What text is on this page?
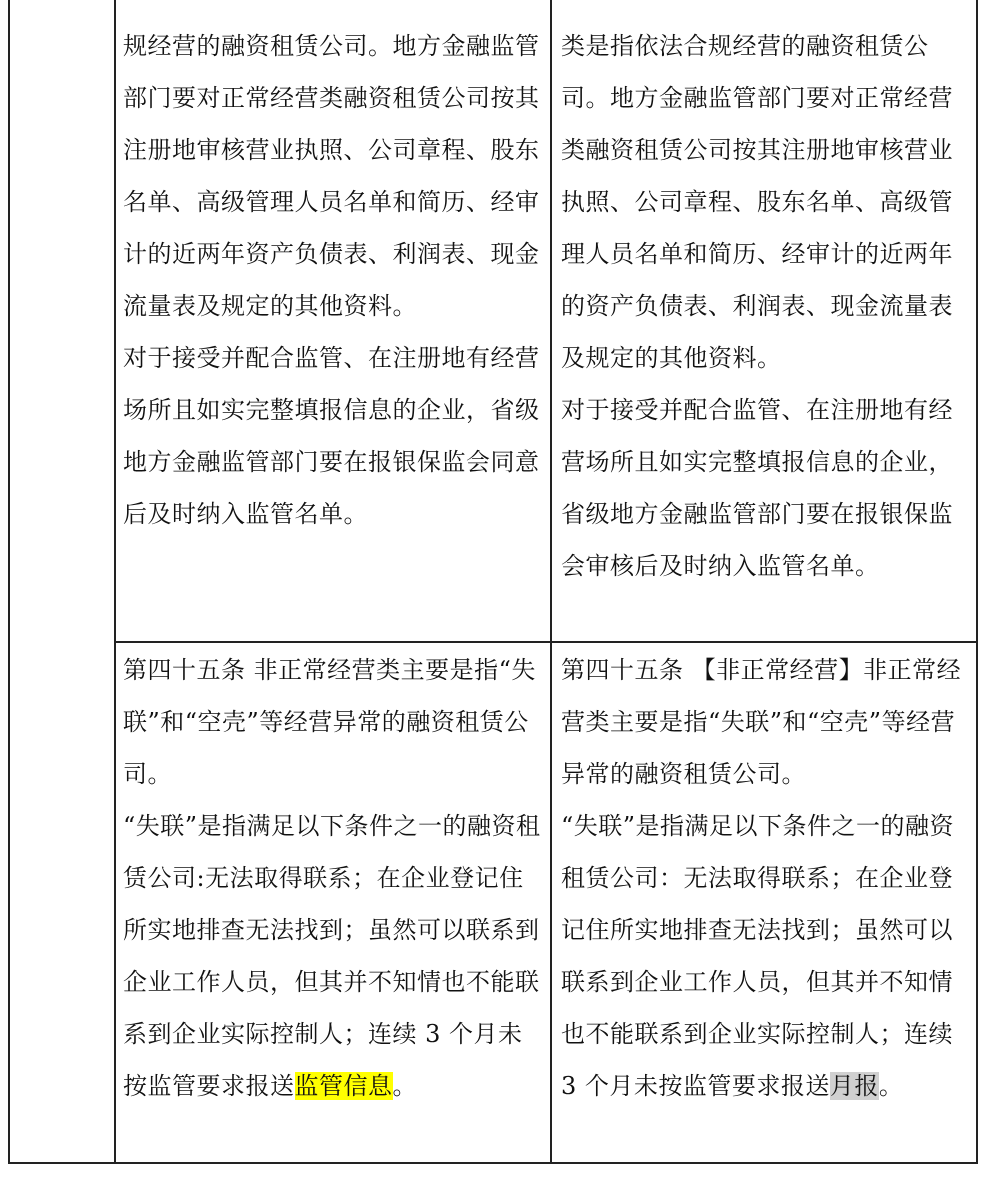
规经营的融资租赁公司。地方金融监管部门要对正常经营类融资租赁公司按其注册地审核营业执照、公司章程、股东名单、高级管理人员名单和简历、经审计的近两年资产负债表、利润表、现金流量表及规定的其他资料。

对于接受并配合监管、在注册地有经营场所且如实完整填报信息的企业，省级地方金融监管部门要在报银保监会同意后及时纳入监管名单。

类是指依法合规经营的融资租赁公司。地方金融监管部门要对正常经营类融资租赁公司按其注册地审核营业执照、公司章程、股东名单、高级管理人员名单和简历、经审计的近两年的资产负债表、利润表、现金流量表及规定的其他资料。

对于接受并配合监管、在注册地有经营场所且如实完整填报信息的企业，省级地方金融监管部门要在报银保监会审核后及时纳入监管名单。

第四十五条 非正常经营类主要是指“失联”和“空壳”等经营异常的融资租赁公司。

“失联”是指满足以下条件之一的融资租赁公司:无法取得联系；在企业登记住所实地排查无法找到；虽然可以联系到企业工作人员，但其并不知情也不能联系到企业实际控制人；连续 3 个月未按监管要求报送监管信息。

第四十五条 【非正常经营】非正常经营类主要是指“失联”和“空壳”等经营异常的融资租赁公司。

“失联”是指满足以下条件之一的融资租赁公司：无法取得联系；在企业登记住所实地排查无法找到；虽然可以联系到企业工作人员，但其并不知情也不能联系到企业实际控制人；连续 3 个月未按监管要求报送月报。
